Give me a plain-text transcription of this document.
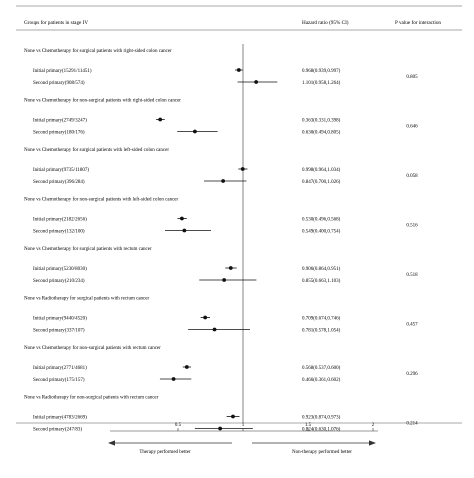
Groups for patients in stage IV	Hazard ratio (95% CI)	P value for interaction
None vs Chemotherapy for surgical patients with right-sided colon cancer
Initial primary(15291/11451)	0.968(0.939,0.997)
Second primary(908/574)	1.101(0.958,1.264)
0.805
None vs Chemotherapy for non-surgical patients with right-sided colon cancer
Initial primary(2749/3247)	0.363(0.331,0.398)
Second primary(180/176)	0.630(0.494,0.805)
0.646
None vs Chemotherapy for surgical patients with left-sided colon cancer
Initial primary(9735/11807)	0.998(0.964,1.034)
Second primary(396/284)	0.847(0.700,1.026)
0.058
None vs Chemotherapy for non-surgical patients with left-sided colon cancer
Initial primary(2182/2656)	0.530(0.496,0.568)
Second primary(132/100)	0.549(0.400,0.754)
0.516
None vs Chemotherapy for surgical patients with rectum cancer
Initial primary(5230/8030)	0.906(0.864,0.951)
Second primary(210/234)	0.855(0.663,1.103)
0.518
None vs Radiotherapy for surgical patients with rectum cancer
Initial primary(9440/4520)	0.709(0.674,0.746)
Second primary(337/107)	0.781(0.578,1.054)
0.457
None vs Chemotherapy for non-surgical patients with rectum cancer
Initial primary(2771/4681)	0.568(0.537,0.600)
Second primary(175/157)	0.466(0.361,0.602)
0.296
None vs Radiotherapy for non-surgical patients with rectum cancer
Initial primary(4783/2669)	0.923(0.874,0.973)
Second primary(247/83)	0.824(0.630,1.076)
0.214
0.5	1	1.5	2
Therapy performed better	Non-therapy performed better
